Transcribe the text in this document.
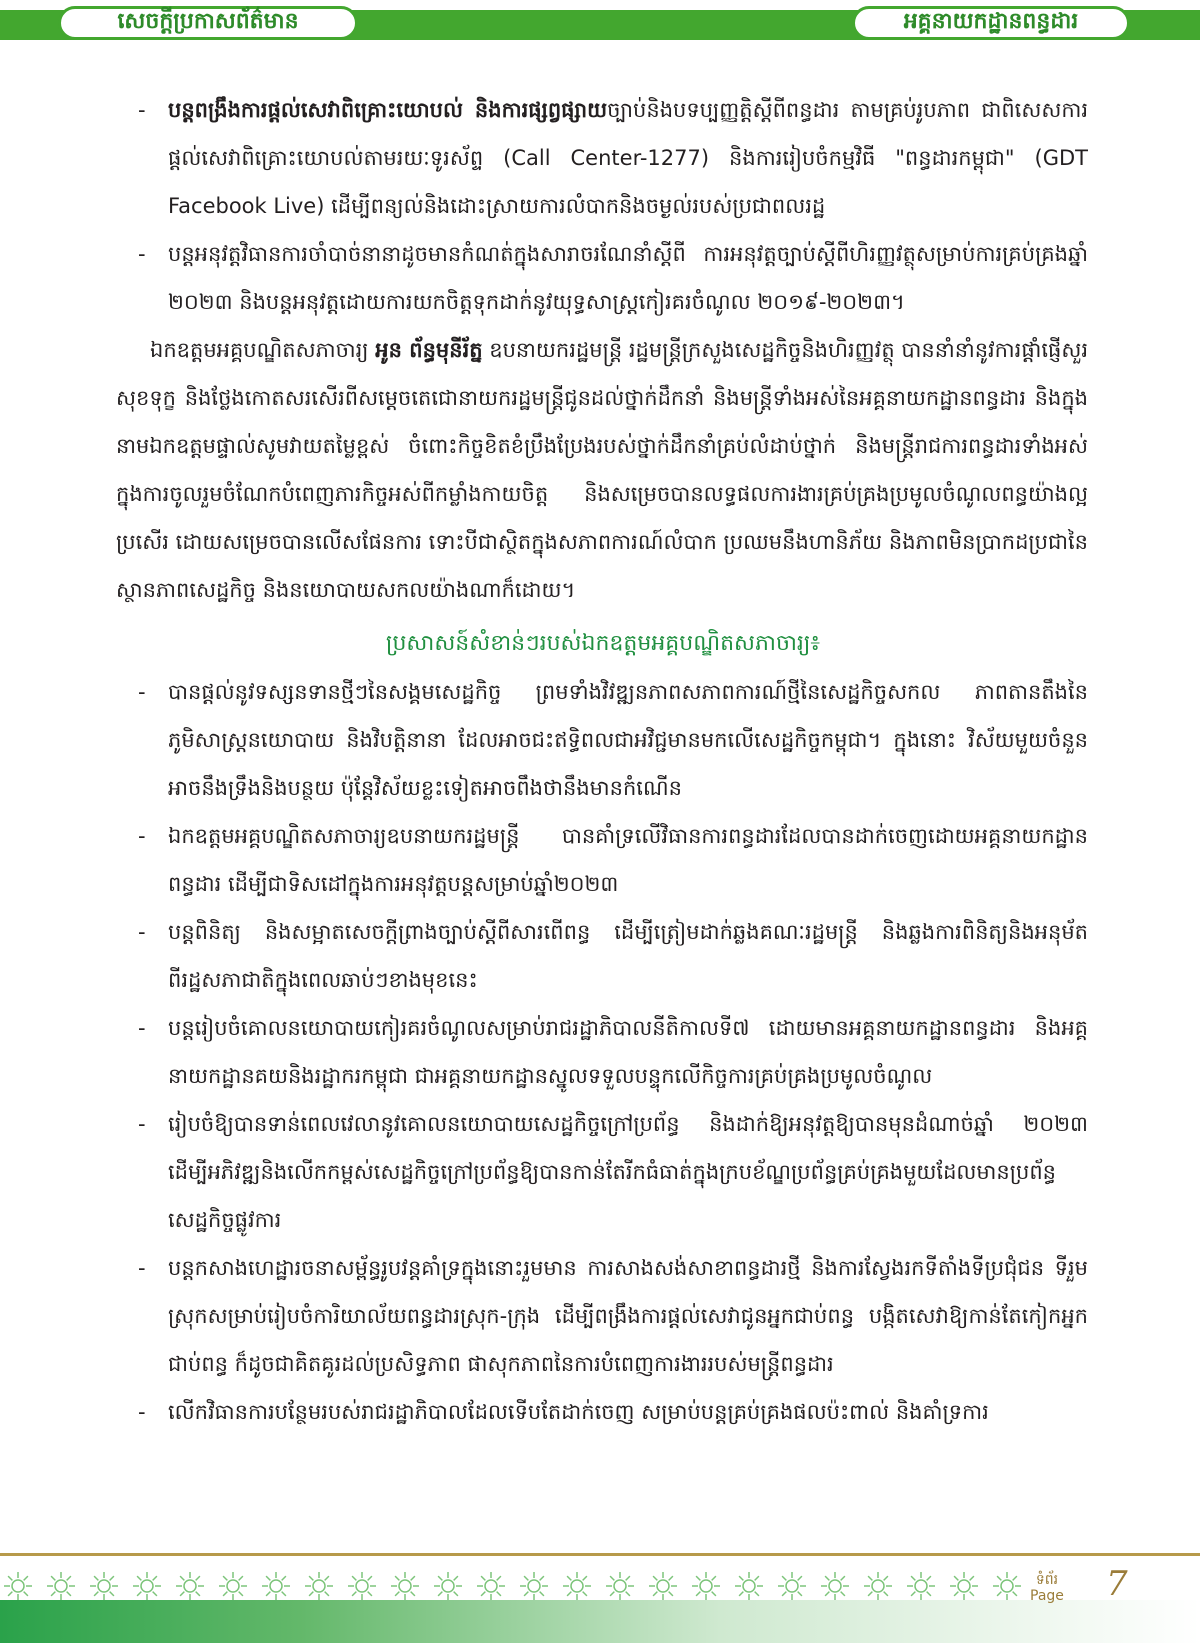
សេចក្ដីប្រកាសព័ត៌មាន	អគ្គនាយកដ្ឋានពន្ធដារ
- បន្តពង្រឹងការផ្តល់សេវាពិគ្រោះយោបល់ និងការផ្សព្វផ្សាយច្បាប់និងបទប្បញ្ញត្តិស្ដីពីពន្ធដារ តាមគ្រប់រូបភាព ជាពិសេសការផ្តល់សេវាពិគ្រោះយោបល់តាមរយៈទូរស័ព្ទ (Call Center-1277) និងការរៀបចំកម្មវិធី "ពន្ធដារកម្ពុជា" (GDT Facebook Live) ដើម្បីពន្យល់និងដោះស្រាយការលំបាកនិងចម្ងល់របស់ប្រជាពលរដ្ឋ
- បន្តអនុវត្តវិធានការចាំបាច់នានាដូចមានកំណត់ក្នុងសារាចរណែនាំស្ដីពី ការអនុវត្តច្បាប់ស្ដីពីហិរញ្ញវត្ថុសម្រាប់ការគ្រប់គ្រងឆ្នាំ ២០២៣ និងបន្តអនុវត្តដោយការយកចិត្តទុកដាក់នូវយុទ្ធសាស្ត្រកៀរគរចំណូល ២០១៩-២០២៣។
ឯកឧត្តមអគ្គបណ្ឌិតសភាចារ្យ អូន ព័ន្ធមុនីរ័ត្ន ឧបនាយករដ្ឋមន្ត្រី រដ្ឋមន្ត្រីក្រសួងសេដ្ឋកិច្ចនិងហិរញ្ញវត្ថុ បាននាំនាំនូវការផ្ដាំផ្ញើសួរសុខទុក្ខ និងថ្លែងកោតសរសើរពីសម្ដេចតេជោនាយករដ្ឋមន្ត្រីជូនដល់ថ្នាក់ដឹកនាំ និងមន្ត្រីទាំងអស់នៃអគ្គនាយកដ្ឋានពន្ធដារ និងក្នុងនាមឯកឧត្តមផ្ទាល់សូមវាយតម្លៃខ្ពស់ ចំពោះកិច្ចខិតខំប្រឹងប្រែងរបស់ថ្នាក់ដឹកនាំគ្រប់លំដាប់ថ្នាក់ និងមន្ត្រីរាជការពន្ធដារទាំងអស់ ក្នុងការចូលរួមចំណែកបំពេញភារកិច្ចអស់ពីកម្លាំងកាយចិត្ត និងសម្រេចបានលទ្ធផលការងារគ្រប់គ្រងប្រមូលចំណូលពន្ធយ៉ាងល្អប្រសើរ ដោយសម្រេចបានលើសផែនការ ទោះបីជាស្ថិតក្នុងសភាពការណ៍លំបាក ប្រឈមនឹងហានិភ័យ និងភាពមិនប្រាកដប្រជានៃស្ថានភាពសេដ្ឋកិច្ច និងនយោបាយសកលយ៉ាងណាក៏ដោយ។
ប្រសាសន៍សំខាន់ៗរបស់ឯកឧត្តមអគ្គបណ្ឌិតសភាចារ្យ៖
- បានផ្ដល់នូវទស្សនទានថ្មីៗនៃសង្គមសេដ្ឋកិច្ច ព្រមទាំងវិវឌ្ឍនភាពសភាពការណ៍ថ្មីនៃសេដ្ឋកិច្ចសកល ភាពតានតឹងនៃភូមិសាស្ត្រនយោបាយ និងវិបត្តិនានា ដែលអាចជះឥទ្ធិពលជាអវិជ្ជមានមកលើសេដ្ឋកិច្ចកម្ពុជា។ ក្នុងនោះ វិស័យមួយចំនួនអាចនឹងទ្រឹងនិងបន្ថយ ប៉ុន្តែវិស័យខ្លះទៀតអាចពឹងថានឹងមានកំណើន
- ឯកឧត្តមអគ្គបណ្ឌិតសភាចារ្យឧបនាយករដ្ឋមន្ត្រី បានគាំទ្រលើវិធានការពន្ធដារដែលបានដាក់ចេញដោយអគ្គនាយកដ្ឋានពន្ធដារ ដើម្បីជាទិសដៅក្នុងការអនុវត្តបន្តសម្រាប់ឆ្នាំ២០២៣
- បន្តពិនិត្យ និងសម្អាតសេចក្ដីព្រាងច្បាប់ស្ដីពីសារពើពន្ធ ដើម្បីត្រៀមដាក់ឆ្លងគណៈរដ្ឋមន្ត្រី និងឆ្លងការពិនិត្យនិងអនុម័តពីរដ្ឋសភាជាតិក្នុងពេលឆាប់ៗខាងមុខនេះ
- បន្តរៀបចំគោលនយោបាយកៀរគរចំណូលសម្រាប់រាជរដ្ឋាភិបាលនីតិកាលទី៧ ដោយមានអគ្គនាយកដ្ឋានពន្ធដារ និងអគ្គនាយកដ្ឋានគយនិងរដ្ឋាករកម្ពុជា ជាអគ្គនាយកដ្ឋានស្នូលទទួលបន្ទុកលើកិច្ចការគ្រប់គ្រងប្រមូលចំណូល
- រៀបចំឱ្យបានទាន់ពេលវេលានូវគោលនយោបាយសេដ្ឋកិច្ចក្រៅប្រព័ន្ធ និងដាក់ឱ្យអនុវត្តឱ្យបានមុនដំណាច់ឆ្នាំ ២០២៣ ដើម្បីអភិវឌ្ឍនិងលើកកម្ពស់សេដ្ឋកិច្ចក្រៅប្រព័ន្ធឱ្យបានកាន់តែរីកធំធាត់ក្នុងក្របខ័ណ្ឌប្រព័ន្ធគ្រប់គ្រងមួយដែលមានប្រព័ន្ធសេដ្ឋកិច្ចផ្លូវការ
- បន្តកសាងហេដ្ឋារចនាសម្ព័ន្ធរូបវន្តគាំទ្រក្នុងនោះរួមមាន ការសាងសង់សាខាពន្ធដារថ្មី និងការស្វែងរកទីតាំងទីប្រជុំជន ទីរួមស្រុកសម្រាប់រៀបចំការិយាល័យពន្ធដារស្រុក-ក្រុង ដើម្បីពង្រឹងការផ្តល់សេវាជូនអ្នកជាប់ពន្ធ បង្កិតសេវាឱ្យកាន់តែកៀកអ្នកជាប់ពន្ធ ក៏ដូចជាគិតគូរដល់ប្រសិទ្ធភាព ផាសុកភាពនៃការបំពេញការងាររបស់មន្ត្រីពន្ធដារ
- លើកវិធានការបន្ថែមរបស់រាជរដ្ឋាភិបាលដែលទើបតែដាក់ចេញ សម្រាប់បន្តគ្រប់គ្រងផលប៉ះពាល់ និងគាំទ្រការ
ទំព័រ
Page 7
